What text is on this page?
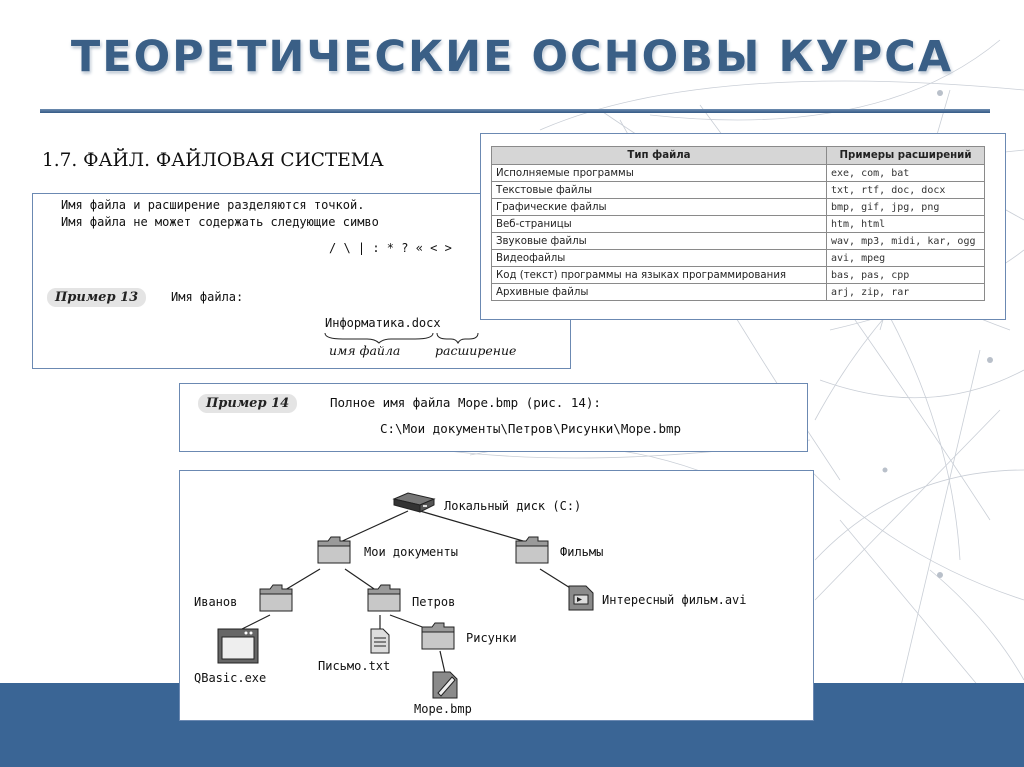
ТЕОРЕТИЧЕСКИЕ ОСНОВЫ КУРСА
1.7. ФАЙЛ. ФАЙЛОВАЯ СИСТЕМА
Имя файла и расширение разделяются точкой.
Имя файла не может содержать следующие симво
/ \ | : * ? « < >
Пример 13	Имя файла:
Информатика.docx
имя файла	расширение
Тип файла	Примеры расширений
Исполняемые программы	exe, com, bat
Текстовые файлы	txt, rtf, doc, docx
Графические файлы	bmp, gif, jpg, png
Веб-страницы	htm, html
Звуковые файлы	wav, mp3, midi, kar, ogg
Видеофайлы	avi, mpeg
Код (текст) программы на языках программирования	bas, pas, cpp
Архивные файлы	arj, zip, rar
Пример 14	Полное имя файла Море.bmp (рис. 14):
C:\Мои документы\Петров\Рисунки\Море.bmp
Локальный диск (C:)
Мои документы	Фильмы
Иванов	Петров	Интересный фильм.avi
Рисунки
QBasic.exe
Письмо.txt
Море.bmp
